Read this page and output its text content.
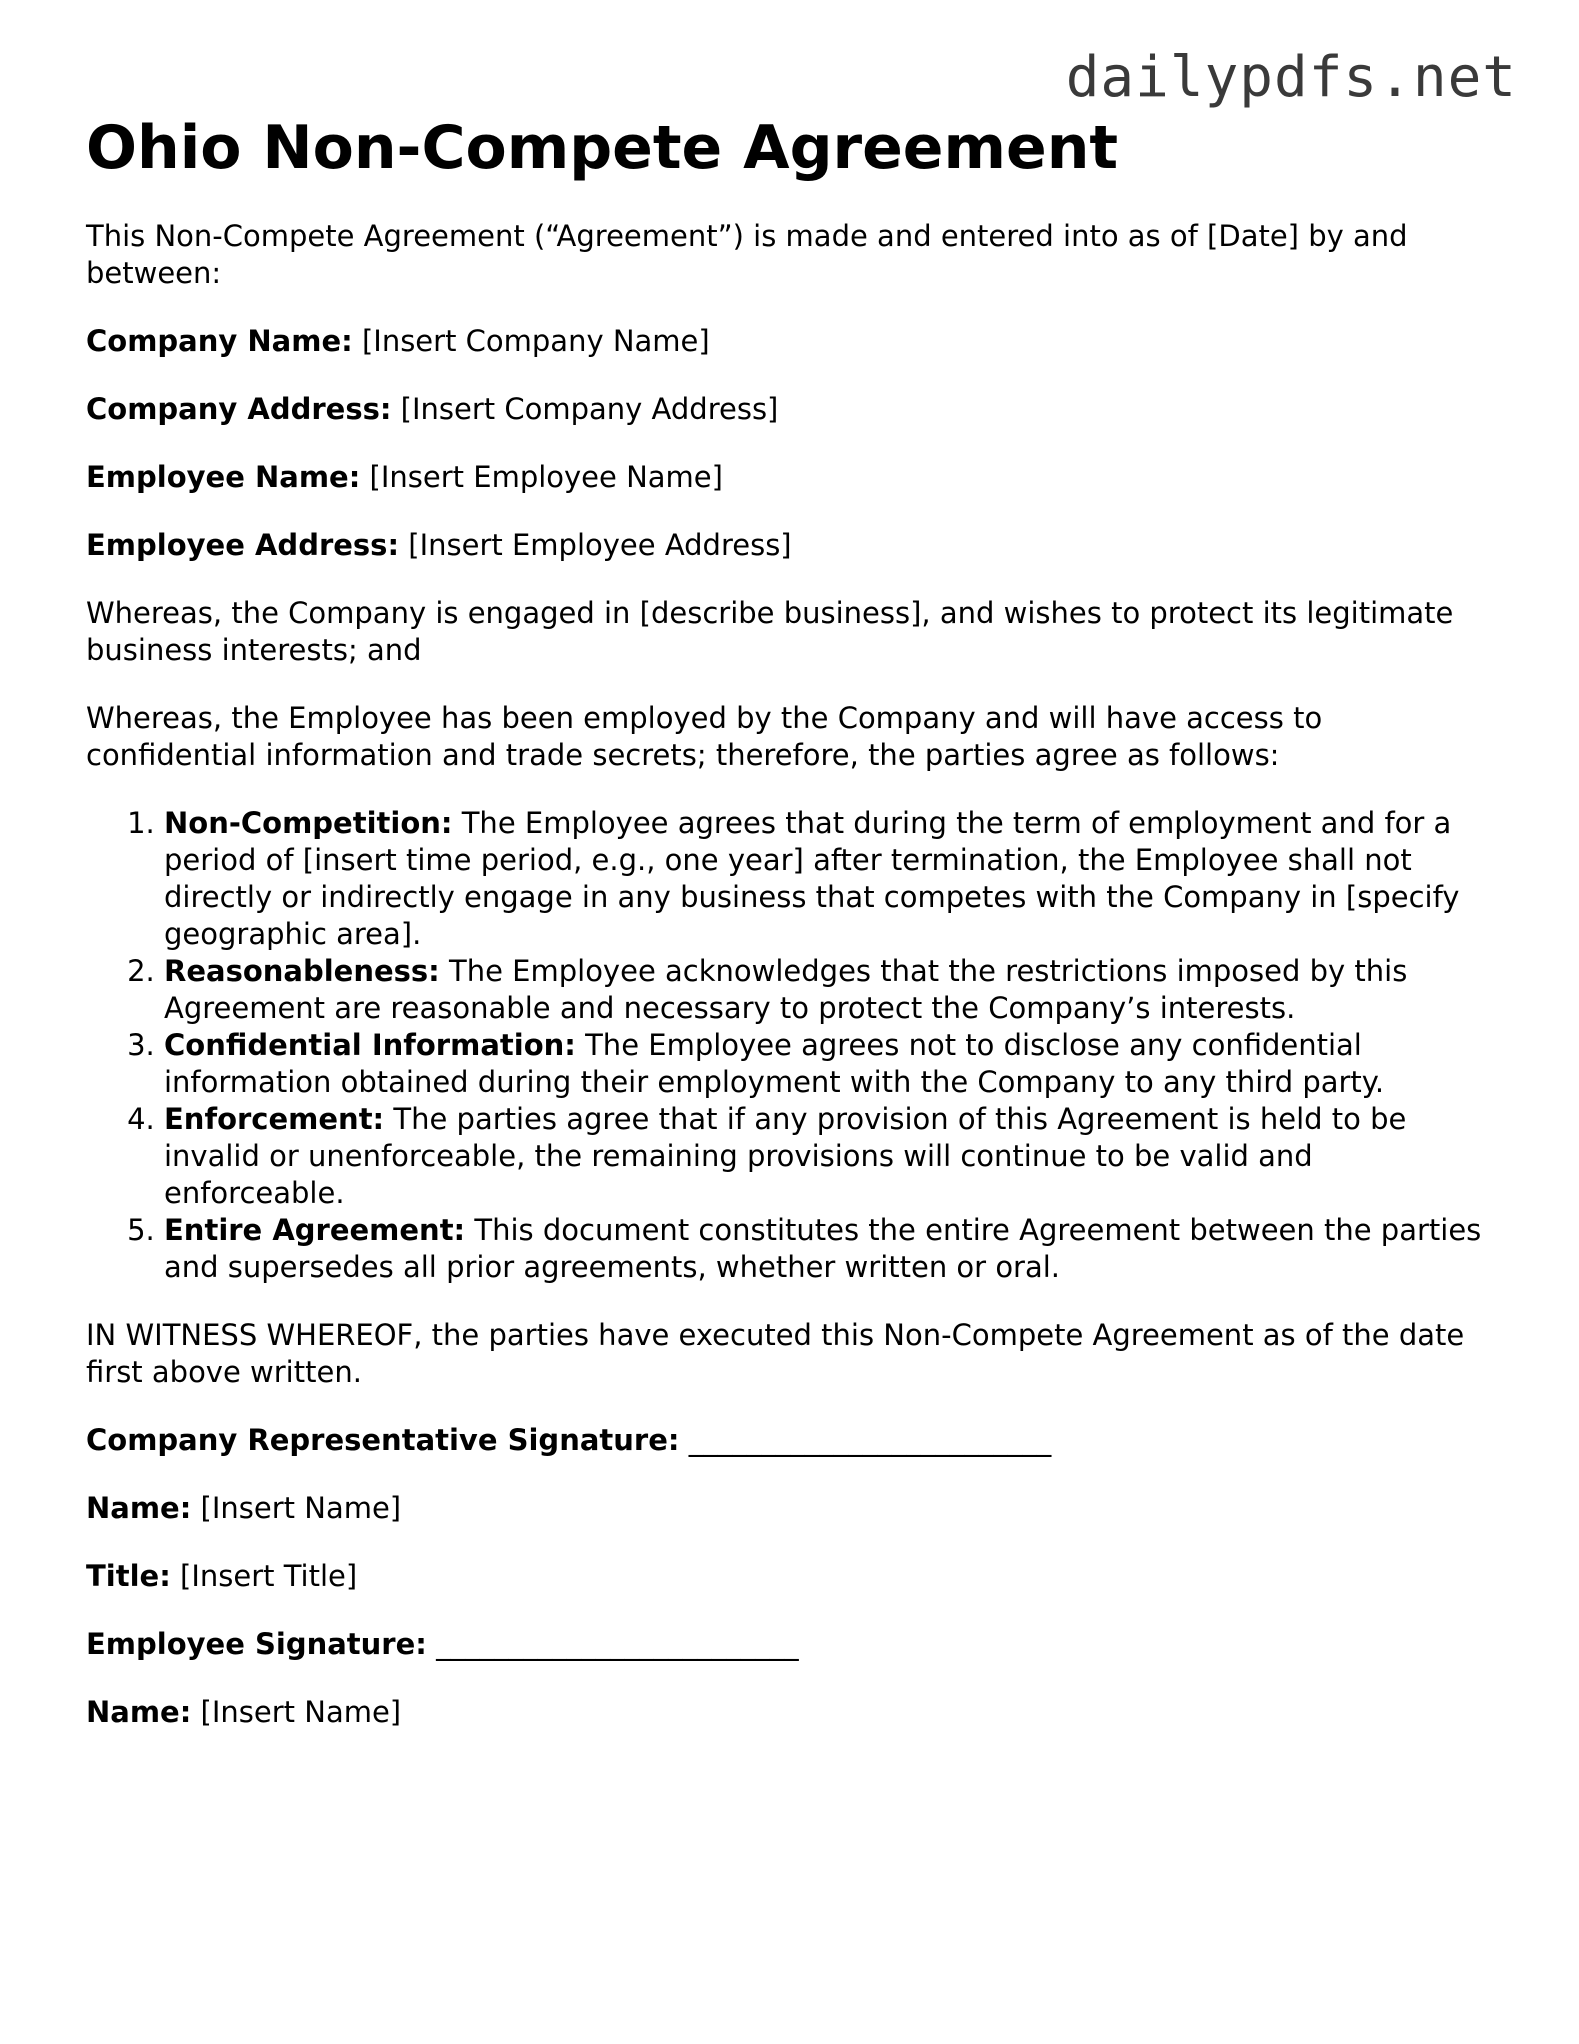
dailypdfs.net
Ohio Non-Compete Agreement

This Non-Compete Agreement (“Agreement”) is made and entered into as of [Date] by and between:

Company Name: [Insert Company Name]

Company Address: [Insert Company Address]

Employee Name: [Insert Employee Name]

Employee Address: [Insert Employee Address]

Whereas, the Company is engaged in [describe business], and wishes to protect its legitimate business interests; and

Whereas, the Employee has been employed by the Company and will have access to confidential information and trade secrets; therefore, the parties agree as follows:

1. Non-Competition: The Employee agrees that during the term of employment and for a period of [insert time period, e.g., one year] after termination, the Employee shall not directly or indirectly engage in any business that competes with the Company in [specify geographic area].
2. Reasonableness: The Employee acknowledges that the restrictions imposed by this Agreement are reasonable and necessary to protect the Company’s interests.
3. Confidential Information: The Employee agrees not to disclose any confidential information obtained during their employment with the Company to any third party.
4. Enforcement: The parties agree that if any provision of this Agreement is held to be invalid or unenforceable, the remaining provisions will continue to be valid and enforceable.
5. Entire Agreement: This document constitutes the entire Agreement between the parties and supersedes all prior agreements, whether written or oral.

IN WITNESS WHEREOF, the parties have executed this Non-Compete Agreement as of the date first above written.

Company Representative Signature: _________________________

Name: [Insert Name]

Title: [Insert Title]

Employee Signature: _________________________

Name: [Insert Name]
